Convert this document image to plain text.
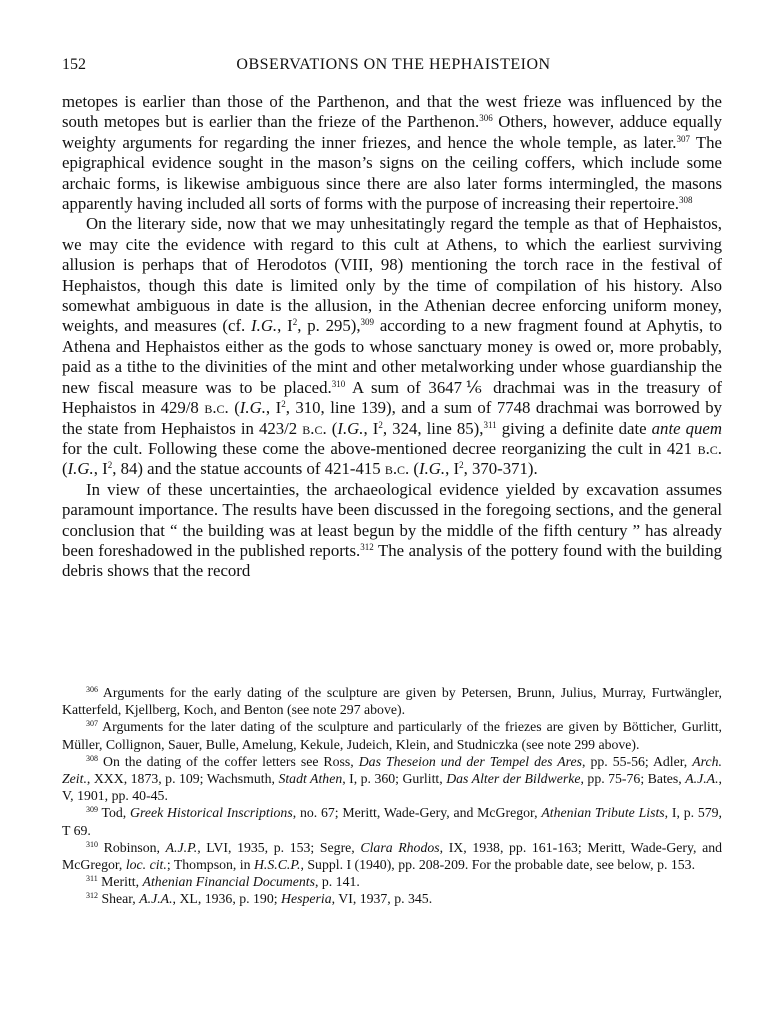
152	OBSERVATIONS ON THE HEPHAISTEION

metopes is earlier than those of the Parthenon, and that the west frieze was influenced by the south metopes but is earlier than the frieze of the Parthenon.$^{306}$ Others, however, adduce equally weighty arguments for regarding the inner friezes, and hence the whole temple, as later.$^{307}$ The epigraphical evidence sought in the mason’s signs on the ceiling coffers, which include some archaic forms, is likewise ambiguous since there are also later forms intermingled, the masons apparently having included all sorts of forms with the purpose of increasing their repertoire.$^{308}$

On the literary side, now that we may unhesitatingly regard the temple as that of Hephaistos, we may cite the evidence with regard to this cult at Athens, to which the earliest surviving allusion is perhaps that of Herodotos (VIII, 98) mentioning the torch race in the festival of Hephaistos, though this date is limited only by the time of compilation of his history. Also somewhat ambiguous in date is the allusion, in the Athenian decree enforcing uniform money, weights, and measures (cf. I.G., $I^2$, p. 295),$^{309}$ according to a new fragment found at Aphytis, to Athena and Hephaistos either as the gods to whose sanctuary money is owed or, more probably, paid as a tithe to the divinities of the mint and other metalworking under whose guardianship the new fiscal measure was to be placed.$^{310}$ A sum of 3647⅙ drachmai was in the treasury of Hephaistos in 429/8 b.c. (I.G., $I^2$, 310, line 139), and a sum of 7748 drachmai was borrowed by the state from Hephaistos in 423/2 b.c. (I.G., $I^2$, 324, line 85),$^{311}$ giving a definite date ante quem for the cult. Following these come the above-mentioned decree reorganizing the cult in 421 b.c. (I.G., $I^2$, 84) and the statue accounts of 421-415 b.c. (I.G., $I^2$, 370-371).

In view of these uncertainties, the archaeological evidence yielded by excavation assumes paramount importance. The results have been discussed in the foregoing sections, and the general conclusion that “ the building was at least begun by the middle of the fifth century ” has already been foreshadowed in the published reports.$^{312}$ The analysis of the pottery found with the building debris shows that the record

$^{306}$ Arguments for the early dating of the sculpture are given by Petersen, Brunn, Julius, Murray, Furtwängler, Katterfeld, Kjellberg, Koch, and Benton (see note 297 above).

$^{307}$ Arguments for the later dating of the sculpture and particularly of the friezes are given by Bötticher, Gurlitt, Müller, Collignon, Sauer, Bulle, Amelung, Kekule, Judeich, Klein, and Studniczka (see note 299 above).

$^{308}$ On the dating of the coffer letters see Ross, Das Theseion und der Tempel des Ares, pp. 55-56; Adler, Arch. Zeit., XXX, 1873, p. 109; Wachsmuth, Stadt Athen, I, p. 360; Gurlitt, Das Alter der Bildwerke, pp. 75-76; Bates, A.J.A., V, 1901, pp. 40-45.

$^{309}$ Tod, Greek Historical Inscriptions, no. 67; Meritt, Wade-Gery, and McGregor, Athenian Tribute Lists, I, p. 579, T 69.

$^{310}$ Robinson, A.J.P., LVI, 1935, p. 153; Segre, Clara Rhodos, IX, 1938, pp. 161-163; Meritt, Wade-Gery, and McGregor, loc. cit.; Thompson, in H.S.C.P., Suppl. I (1940), pp. 208-209. For the probable date, see below, p. 153.

$^{311}$ Meritt, Athenian Financial Documents, p. 141.

$^{312}$ Shear, A.J.A., XL, 1936, p. 190; Hesperia, VI, 1937, p. 345.
